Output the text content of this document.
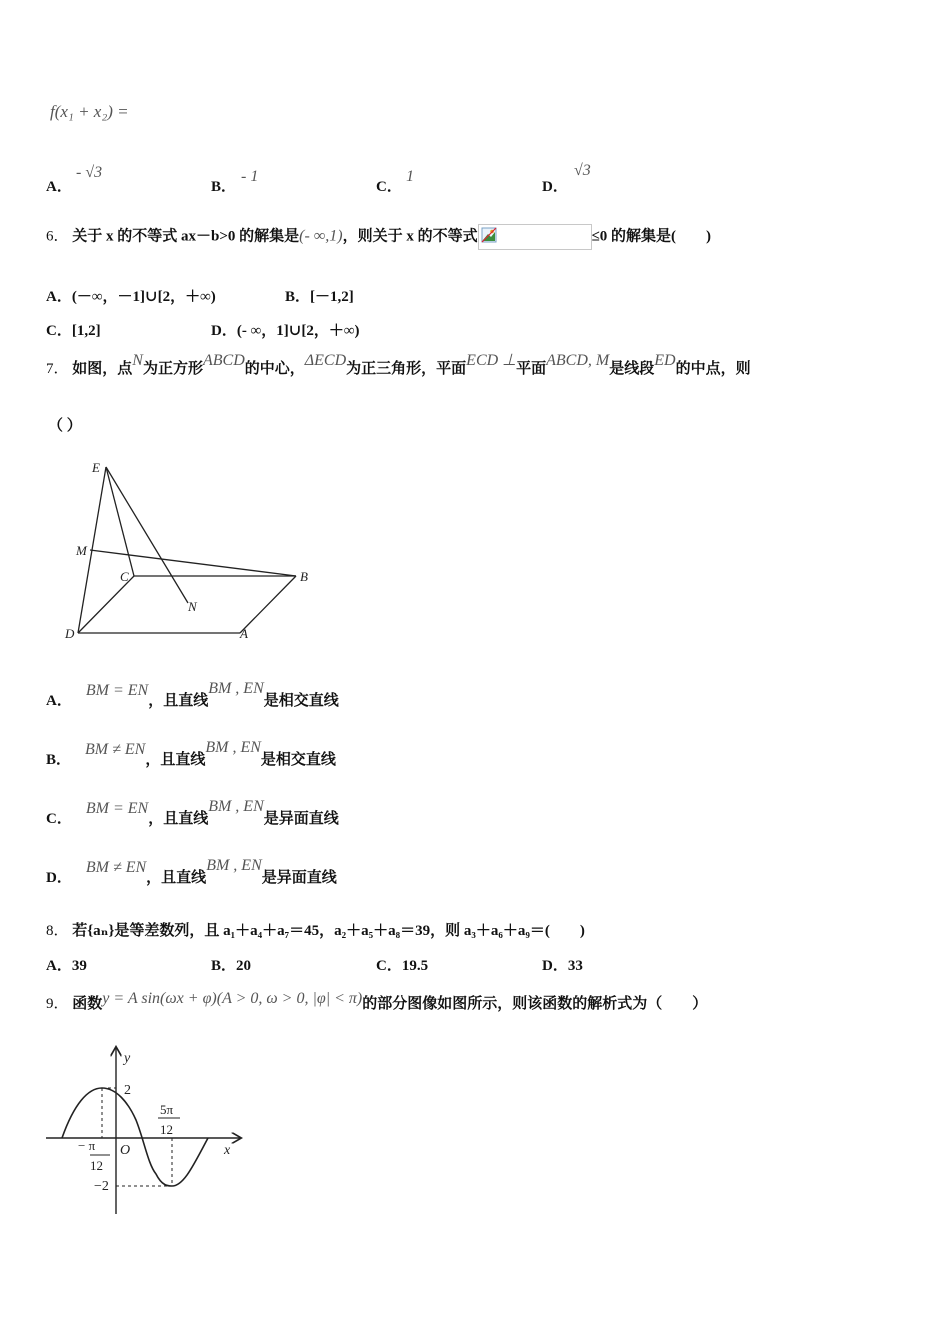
f(x₁ + x₂) =
A．
- √3
B．
- 1
C．
1
D．
√3
6． 关于 x 的不等式 ax－b>0 的解集是(- ∞,1)，则关于 x 的不等式	≤0 的解集是(　　)
A．(－∞，－1]∪[2，＋∞)	B．[－1,2]
C．[1,2]	D．(- ∞，1]∪[2，＋∞)
7． 如图，点N为正方形ABCD的中心，ΔECD为正三角形，平面ECD ⊥平面ABCD, M是线段ED的中点，则
（ ）
E
M
C	B
N
D	A
A．BM = EN，且直线BM , EN是相交直线
B．BM ≠ EN，且直线BM , EN是相交直线
C．BM = EN，且直线BM , EN是异面直线
D．BM ≠ EN，且直线BM , EN是异面直线
8． 若{aₙ}是等差数列，且 a₁＋a₄＋a₇＝45，a₂＋a₅＋a₈＝39，则 a₃＋a₆＋a₉＝(　　)
A．39	B．20	C．19.5	D．33
9． 函数y = A sin(ωx + φ)(A > 0, ω > 0, |φ| < π)的部分图像如图所示，则该函数的解析式为（　　）
y
x
O
2
−2
5π
12
− π
12
